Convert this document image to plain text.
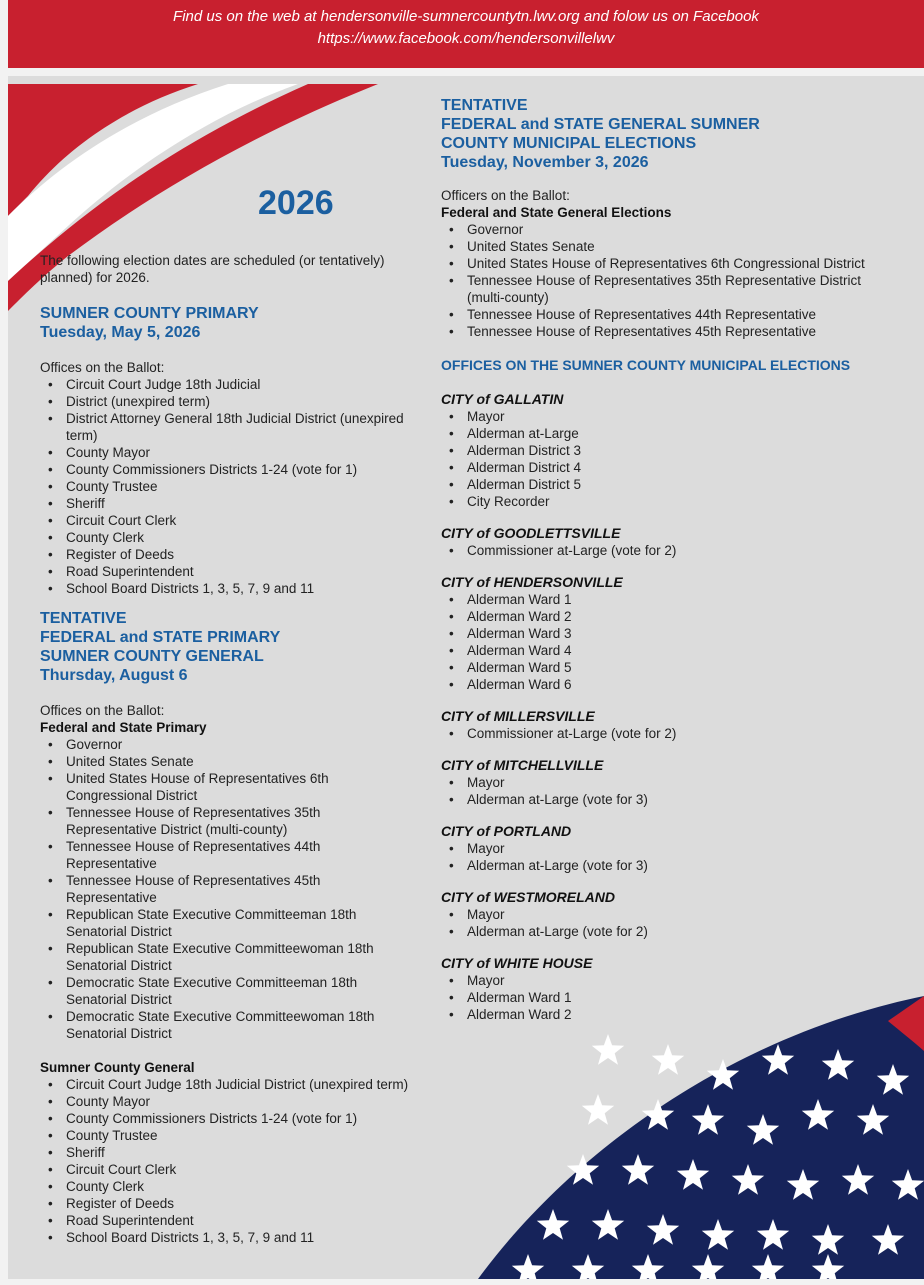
Find us on the web at hendersonville-sumnercountytn.lwv.org and folow us on Facebook
https://www.facebook.com/hendersonvillelwv
2026
The following election dates are scheduled (or tentatively) planned) for 2026.
SUMNER COUNTY PRIMARY
Tuesday, May 5, 2026
Offices on the Ballot:
• Circuit Court Judge 18th Judicial
• District (unexpired term)
• District Attorney General 18th Judicial District (unexpired term)
• County Mayor
• County Commissioners Districts 1-24 (vote for 1)
• County Trustee
• Sheriff
• Circuit Court Clerk
• County Clerk
• Register of Deeds
• Road Superintendent
• School Board Districts 1, 3, 5, 7, 9 and 11
TENTATIVE
FEDERAL and STATE PRIMARY
SUMNER COUNTY GENERAL
Thursday, August 6
Offices on the Ballot:
Federal and State Primary
• Governor
• United States Senate
• United States House of Representatives 6th Congressional District
• Tennessee House of Representatives 35th Representative District (multi-county)
• Tennessee House of Representatives 44th Representative
• Tennessee House of Representatives 45th Representative
• Republican State Executive Committeeman 18th Senatorial District
• Republican State Executive Committeewoman 18th Senatorial District
• Democratic State Executive Committeeman 18th Senatorial District
• Democratic State Executive Committeewoman 18th Senatorial District
Sumner County General
• Circuit Court Judge 18th Judicial District (unexpired term)
• County Mayor
• County Commissioners Districts 1-24 (vote for 1)
• County Trustee
• Sheriff
• Circuit Court Clerk
• County Clerk
• Register of Deeds
• Road Superintendent
• School Board Districts 1, 3, 5, 7, 9 and 11
TENTATIVE
FEDERAL and STATE GENERAL SUMNER
COUNTY MUNICIPAL ELECTIONS
Tuesday, November 3, 2026
Officers on the Ballot:
Federal and State General Elections
• Governor
• United States Senate
• United States House of Representatives 6th Congressional District
• Tennessee House of Representatives 35th Representative District (multi-county)
• Tennessee House of Representatives 44th Representative
• Tennessee House of Representatives 45th Representative
OFFICES ON THE SUMNER COUNTY MUNICIPAL ELECTIONS
CITY of GALLATIN
• Mayor
• Alderman at-Large
• Alderman District 3
• Alderman District 4
• Alderman District 5
• City Recorder
CITY of GOODLETTSVILLE
• Commissioner at-Large (vote for 2)
CITY of HENDERSONVILLE
• Alderman Ward 1
• Alderman Ward 2
• Alderman Ward 3
• Alderman Ward 4
• Alderman Ward 5
• Alderman Ward 6
CITY of MILLERSVILLE
• Commissioner at-Large (vote for 2)
CITY of MITCHELLVILLE
• Mayor
• Alderman at-Large (vote for 3)
CITY of PORTLAND
• Mayor
• Alderman at-Large (vote for 3)
CITY of WESTMORELAND
• Mayor
• Alderman at-Large (vote for 2)
CITY of WHITE HOUSE
• Mayor
• Alderman Ward 1
• Alderman Ward 2
